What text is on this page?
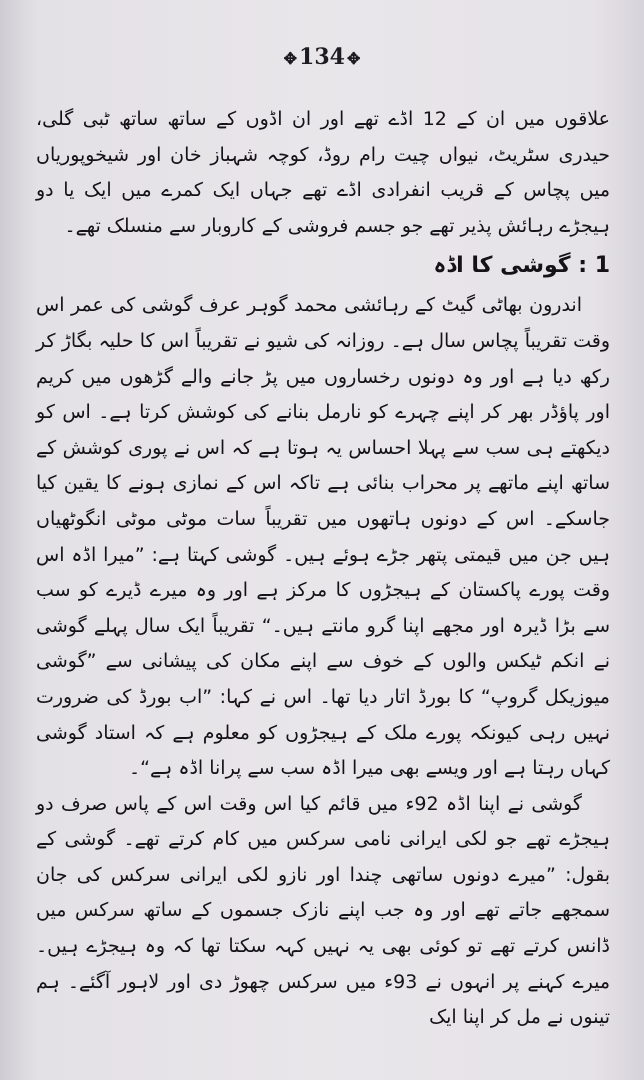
✥134 ✥

علاقوں میں ان کے 12 اڈے تھے اور ان اڈوں کے ساتھ ساتھ ٹبی گلی، حیدری سٹریٹ، نیواں چیت رام روڈ، کوچہ شہباز خان اور شیخوپوریاں میں پچاس کے قریب انفرادی اڈے تھے جہاں ایک کمرے میں ایک یا دو ہیجڑے رہائش پذیر تھے جو جسم فروشی کے کاروبار سے منسلک تھے۔

1 : گوشی کا اڈہ

اندرون بھاٹی گیٹ کے رہائشی محمد گوہر عرف گوشی کی عمر اس وقت تقریباً پچاس سال ہے۔ روزانہ کی شیو نے تقریباً اس کا حلیہ بگاڑ کر رکھ دیا ہے اور وہ دونوں رخساروں میں پڑ جانے والے گڑھوں میں کریم اور پاؤڈر بھر کر اپنے چہرے کو نارمل بنانے کی کوشش کرتا ہے۔ اس کو دیکھتے ہی سب سے پہلا احساس یہ ہوتا ہے کہ اس نے پوری کوشش کے ساتھ اپنے ماتھے پر محراب بنائی ہے تاکہ اس کے نمازی ہونے کا یقین کیا جاسکے۔ اس کے دونوں ہاتھوں میں تقریباً سات موٹی موٹی انگوٹھیاں ہیں جن میں قیمتی پتھر جڑے ہوئے ہیں۔ گوشی کہتا ہے: ”میرا اڈہ اس وقت پورے پاکستان کے ہیجڑوں کا مرکز ہے اور وہ میرے ڈیرے کو سب سے بڑا ڈیرہ اور مجھے اپنا گرو مانتے ہیں۔“ تقریباً ایک سال پہلے گوشی نے انکم ٹیکس والوں کے خوف سے اپنے مکان کی پیشانی سے ”گوشی میوزیکل گروپ“ کا بورڈ اتار دیا تھا۔ اس نے کہا: ”اب بورڈ کی ضرورت نہیں رہی کیونکہ پورے ملک کے ہیجڑوں کو معلوم ہے کہ استاد گوشی کہاں رہتا ہے اور ویسے بھی میرا اڈہ سب سے پرانا اڈہ ہے“۔

گوشی نے اپنا اڈہ 92ء میں قائم کیا اس وقت اس کے پاس صرف دو ہیجڑے تھے جو لکی ایرانی نامی سرکس میں کام کرتے تھے۔ گوشی کے بقول: ”میرے دونوں ساتھی چندا اور نازو لکی ایرانی سرکس کی جان سمجھے جاتے تھے اور وہ جب اپنے نازک جسموں کے ساتھ سرکس میں ڈانس کرتے تھے تو کوئی بھی یہ نہیں کہہ سکتا تھا کہ وہ ہیجڑے ہیں۔ میرے کہنے پر انہوں نے 93ء میں سرکس چھوڑ دی اور لاہور آگئے۔ ہم تینوں نے مل کر اپنا ایک
